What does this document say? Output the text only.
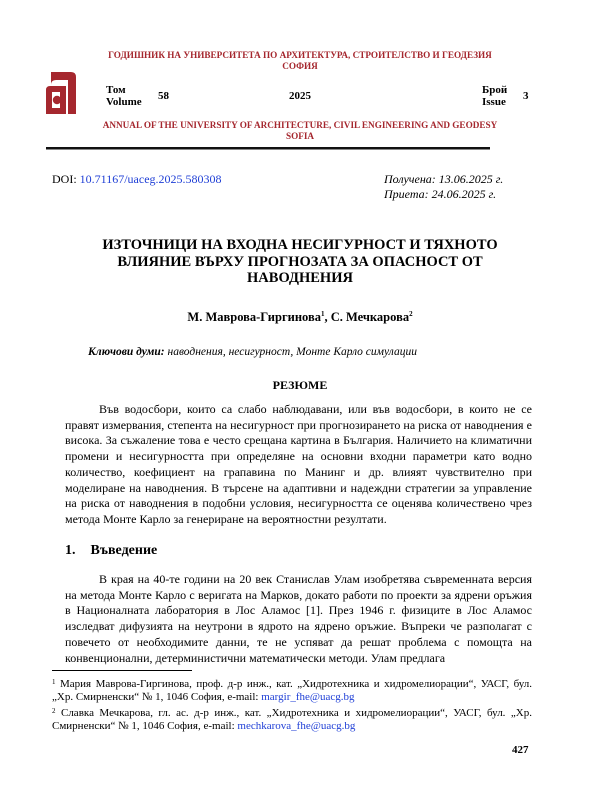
ГОДИШНИК НА УНИВЕРСИТЕТА ПО АРХИТЕКТУРА, СТРОИТЕЛСТВО И ГЕОДЕЗИЯ
СОФИЯ
Том
Volume 58	2025	Брой
Issue 3
ANNUAL OF THE UNIVERSITY OF ARCHITECTURE, CIVIL ENGINEERING AND GEODESY
SOFIA
DOI: 10.71167/uaceg.2025.580308	Получена: 13.06.2025 г.
Приета: 24.06.2025 г.
ИЗТОЧНИЦИ НА ВХОДНА НЕСИГУРНОСТ И ТЯХНОТО
ВЛИЯНИЕ ВЪРХУ ПРОГНОЗАТА ЗА ОПАСНОСТ ОТ
НАВОДНЕНИЯ
М. Маврова-Гиргинова$^1$, С. Мечкарова$^2$
Ключови думи: наводнения, несигурност, Монте Карло симулации
РЕЗЮМЕ
Във водосбори, които са слабо наблюдавани, или във водосбори, в които не се правят измервания, степента на несигурност при прогнозирането на риска от наводнения е висока. За съжаление това е често срещана картина в България. Наличието на климатични промени и несигурността при определяне на основни входни параметри като водно количество, коефициент на грапавина по Манинг и др. влияят чувствително при моделиране на наводнения. В търсене на адаптивни и надеждни стратегии за управление на риска от наводнения в подобни условия, несигурността се оценява количествено чрез метода Монте Карло за генериране на вероятностни резултати.
1. Въведение
В края на 40-те години на 20 век Станислав Улам изобретява съвременната версия на метода Монте Карло с веригата на Марков, докато работи по проекти за ядрени оръжия в Националната лаборатория в Лос Аламос [1]. През 1946 г. физиците в Лос Аламос изследват дифузията на неутрони в ядрото на ядрено оръжие. Въпреки че разполагат с повечето от необходимите данни, те не успяват да решат проблема с помощта на конвенционални, детерминистични математически методи. Улам предлага
$^1$ Мария Маврова-Гиргинова, проф. д-р инж., кат. „Хидротехника и хидромелиорации“, УАСГ, бул. „Хр. Смирненски“ № 1, 1046 София, e-mail: margir_fhe@uacg.bg
$^2$ Славка Мечкарова, гл. ас. д-р инж., кат. „Хидротехника и хидромелиорации“, УАСГ, бул. „Хр. Смирненски“ № 1, 1046 София, e-mail: mechkarova_fhe@uacg.bg
427
